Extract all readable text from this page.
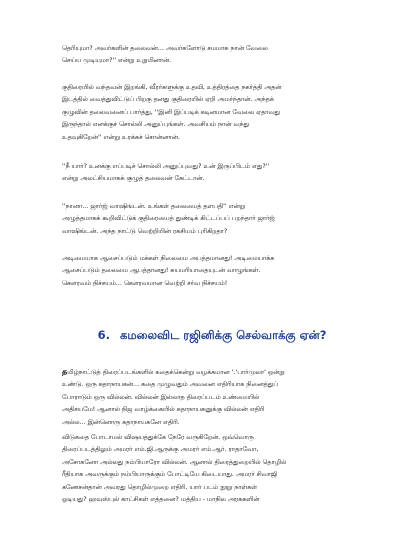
தெரியுமா? அவர்களின் தலைவன்... அவர்களோடு சமமாக நான் வேலை
செய்ய முடியுமா?'' என்று உறுமினான்.

குதிரையில் வந்தவன் இறங்கி, வீரர்களுக்கு உதவி, உத்திரத்தை நகர்த்தி அதன்
இடத்தில் வைத்துவிட்டுப் பிறகு தனது குதிரையில் ஏறி அமர்ந்தான். அந்தக்
குழுவின் தலைவனைப் பார்த்து, ''இனி இப்படிக் கடினமான வேலை ஏதாவது
இருந்தால் எனக்குச் சொல்லி அனுப்புங்கள். அவசியம் நான் வந்து
உதவுகிறேன்'' என்று உரக்கச் சொன்னான்.

''நீ யார்? உனக்கு எப்படிச் சொல்லி அனுப்புவது? உன் இருப்பிடம் எது?''
என்று அலட்சியமாகக் குழுத் தலைவன் கேட்டான்.

''நானா... ஜார்ஜ் வாஷிங்டன். உங்கள் தலைமைத் தளபதி'' என்று
அழுத்தமாகக் கூறிவிட்டுக் குதிரையைத் துண்டிக் கிட்டப்பப் பறந்தார் ஜார்ஜ்
வாஷிங்டன். அந்த நாட்டு வெற்றியின் ரகசியம் புரிகிறதா?

அடிமையாக ஆசைப்படும் மக்கள் நிலைமை அபத்தமானது! அடிமையாக்க
ஆசைப்படும் தலைமை ஆபத்தானது! சுயமரியாதையுடன் வாழுங்கள்.
கௌரவம் நிச்சயம்... கௌரவமான வெற்றி சர்வ நிச்சயம்!

6. கமலைவிட ரஜினிக்கு செல்வாக்கு ஏன்?

தமிழ்நாட்டுத் திரைப்படங்களில் கதைக்கென்று வழக்கமான '.'பார்முலா' ஒன்று
உண்டு. ஒரு கதாநாயகன்... கதை முழுவதும் அவனை எதிரியாக நினைத்துப்
போராடும் ஒரு வில்லன். வில்லன் இல்லாத திரைப்படம் உண்மையில்
அதிசயமே! ஆனால் நிஜ வாழ்க்கையில் கதாநாயகனுக்கு வில்லன் எதிரி
அல்ல... இன்னொரு கதாநாயகனே எதிரி.

விடுகதை போடாமல் விஷயத்துக்கே நேரே வருகிறேன். ஒவ்வொரு
திரைப்படத்திலும் அமரர் எம்.ஜி.ஆருக்கு அமரர் எம்.ஆர். ராதாவோ,
அசோகனோ அல்லது நம்பியாரோ வில்லன். ஆனால் திரைத்துறையில் தொழில்
ரீதியாக அவருக்கும் நம்பியாருக்கும் போட்டியே கிடையாது. அமரர் சிவாஜி
கணேசன்தான் அவரது தொழில்முறை எதிரி. யார் படம் நூறு நாள்கள்
ஓடியது? ஹவுஸ்புல் காட்சிகள் எத்தனை? மத்திய - மாநில அரசுகளின்
